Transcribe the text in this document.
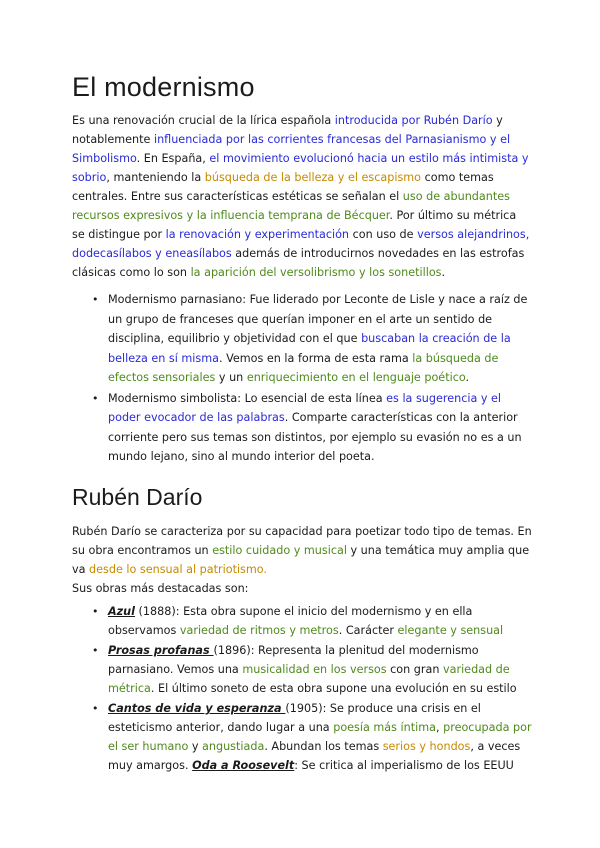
El modernismo

Es una renovación crucial de la lírica española introducida por Rubén Darío y notablemente influenciada por las corrientes francesas del Parnasianismo y el Simbolismo. En España, el movimiento evolucionó hacia un estilo más intimista y sobrio, manteniendo la búsqueda de la belleza y el escapismo como temas centrales. Entre sus características estéticas se señalan el uso de abundantes recursos expresivos y la influencia temprana de Bécquer. Por último su métrica se distingue por la renovación y experimentación con uso de versos alejandrinos, dodecasílabos y eneasílabos además de introducirnos novedades en las estrofas clásicas como lo son la aparición del versolibrismo y los sonetillos.

• Modernismo parnasiano: Fue liderado por Leconte de Lisle y nace a raíz de un grupo de franceses que querían imponer en el arte un sentido de disciplina, equilibrio y objetividad con el que buscaban la creación de la belleza en sí misma. Vemos en la forma de esta rama la búsqueda de efectos sensoriales y un enriquecimiento en el lenguaje poético.
• Modernismo simbolista: Lo esencial de esta línea es la sugerencia y el poder evocador de las palabras. Comparte características con la anterior corriente pero sus temas son distintos, por ejemplo su evasión no es a un mundo lejano, sino al mundo interior del poeta.
Rubén Darío

Rubén Darío se caracteriza por su capacidad para poetizar todo tipo de temas. En su obra encontramos un estilo cuidado y musical y una temática muy amplia que va desde lo sensual al patriotismo.
Sus obras más destacadas son:

• Azul (1888): Esta obra supone el inicio del modernismo y en ella observamos variedad de ritmos y metros. Carácter elegante y sensual
• Prosas profanas (1896): Representa la plenitud del modernismo parnasiano. Vemos una musicalidad en los versos con gran variedad de métrica. El último soneto de esta obra supone una evolución en su estilo
• Cantos de vida y esperanza (1905): Se produce una crisis en el esteticismo anterior, dando lugar a una poesía más íntima, preocupada por el ser humano y angustiada. Abundan los temas serios y hondos, a veces muy amargos. Oda a Roosevelt: Se critica al imperialismo de los EEUU
